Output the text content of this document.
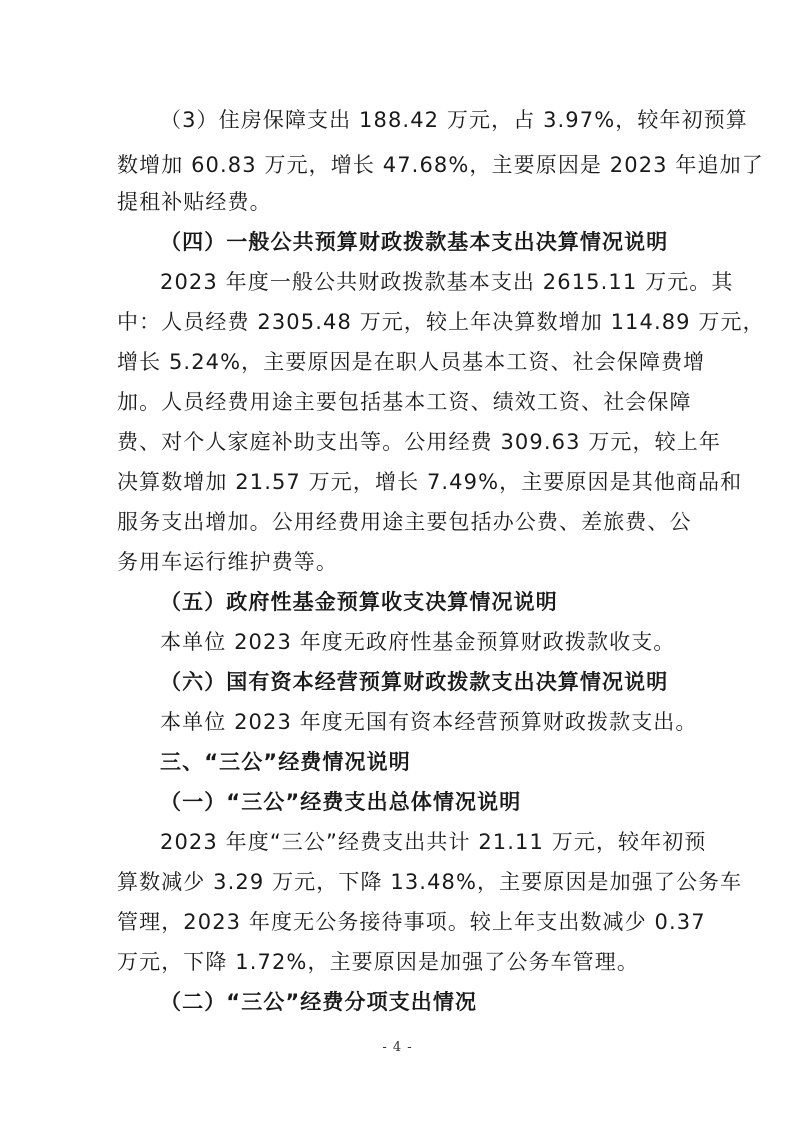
（3）住房保障支出 188.42 万元，占 3.97%，较年初预算
数增加 60.83 万元，增长 47.68%，主要原因是 2023 年追加了
提租补贴经费。
（四）一般公共预算财政拨款基本支出决算情况说明
2023 年度一般公共财政拨款基本支出 2615.11 万元。其
中：人员经费 2305.48 万元，较上年决算数增加 114.89 万元，
增长 5.24%，主要原因是在职人员基本工资、社会保障费增
加。人员经费用途主要包括基本工资、绩效工资、社会保障
费、对个人家庭补助支出等。公用经费 309.63 万元，较上年
决算数增加 21.57 万元，增长 7.49%，主要原因是其他商品和
服务支出增加。公用经费用途主要包括办公费、差旅费、公
务用车运行维护费等。
（五）政府性基金预算收支决算情况说明
本单位 2023 年度无政府性基金预算财政拨款收支。
（六）国有资本经营预算财政拨款支出决算情况说明
本单位 2023 年度无国有资本经营预算财政拨款支出。
三、“三公”经费情况说明
（一）“三公”经费支出总体情况说明
2023 年度“三公”经费支出共计 21.11 万元，较年初预
算数减少 3.29 万元，下降 13.48%，主要原因是加强了公务车
管理，2023 年度无公务接待事项。较上年支出数减少 0.37
万元，下降 1.72%，主要原因是加强了公务车管理。
（二）“三公”经费分项支出情况
- 4 -
